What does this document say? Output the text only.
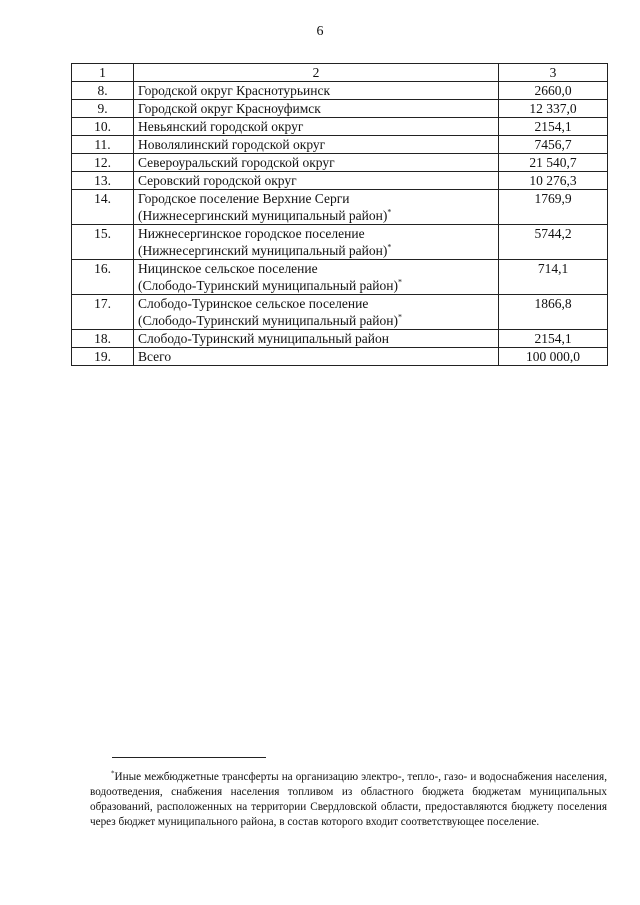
6
1	2	3
8.	Городской округ Краснотурьинск	2660,0
9.	Городской округ Красноуфимск	12 337,0
10.	Невьянский городской округ	2154,1
11.	Новолялинский городской округ	7456,7
12.	Североуральский городской округ	21 540,7
13.	Серовский городской округ	10 276,3
14.	Городское поселение Верхние Серги
(Нижнесергинский муниципальный район)*	1769,9
15.	Нижнесергинское городское поселение
(Нижнесергинский муниципальный район)*	5744,2
16.	Ницинское сельское поселение
(Слободо-Туринский муниципальный район)*	714,1
17.	Слободо-Туринское сельское поселение
(Слободо-Туринский муниципальный район)*	1866,8
18.	Слободо-Туринский муниципальный район	2154,1
19.	Всего	100 000,0
*Иные межбюджетные трансферты на организацию электро-, тепло-, газо- и водоснабжения населения, водоотведения, снабжения населения топливом из областного бюджета бюджетам муниципальных образований, расположенных на территории Свердловской области, предоставляются бюджету поселения через бюджет муниципального района, в состав которого входит соответствующее поселение.
